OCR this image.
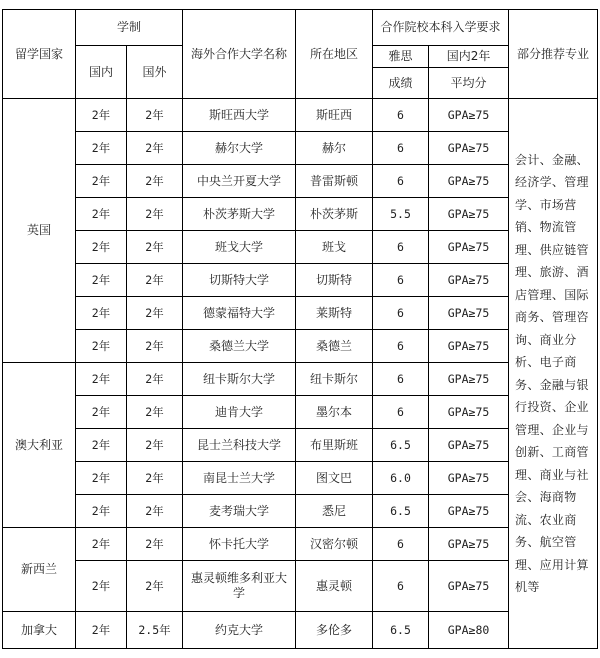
留学国家	学制		海外合作大学名称	所在地区	合作院校本科入学要求		部分推荐专业
	国内	国外			雅思	国内2年	
					成绩	平均分	
英国	2年	2年	斯旺西大学	斯旺西	6	GPA≥75	会计、金融、经济学、管理学、市场营销、物流管理、供应链管理、旅游、酒店管理、国际商务、管理咨询、商业分析、电子商务、金融与银行投资、企业管理、企业与创新、工商管理、商业与社会、海商物流、农业商务、航空管理、应用计算机等
	2年	2年	赫尔大学	赫尔	6	GPA≥75	
	2年	2年	中央兰开夏大学	普雷斯顿	6	GPA≥75	
	2年	2年	朴茨茅斯大学	朴茨茅斯	5.5	GPA≥75	
	2年	2年	班戈大学	班戈	6	GPA≥75	
	2年	2年	切斯特大学	切斯特	6	GPA≥75	
	2年	2年	德蒙福特大学	莱斯特	6	GPA≥75	
	2年	2年	桑德兰大学	桑德兰	6	GPA≥75	
澳大利亚	2年	2年	纽卡斯尔大学	纽卡斯尔	6	GPA≥75	
	2年	2年	迪肯大学	墨尔本	6	GPA≥75	
	2年	2年	昆士兰科技大学	布里斯班	6.5	GPA≥75	
	2年	2年	南昆士兰大学	图文巴	6.0	GPA≥75	
	2年	2年	麦考瑞大学	悉尼	6.5	GPA≥75	
新西兰	2年	2年	怀卡托大学	汉密尔顿	6	GPA≥75	
	2年	2年	惠灵顿维多利亚大学	惠灵顿	6	GPA≥75	
加拿大	2年	2.5年	约克大学	多伦多	6.5	GPA≥80	
